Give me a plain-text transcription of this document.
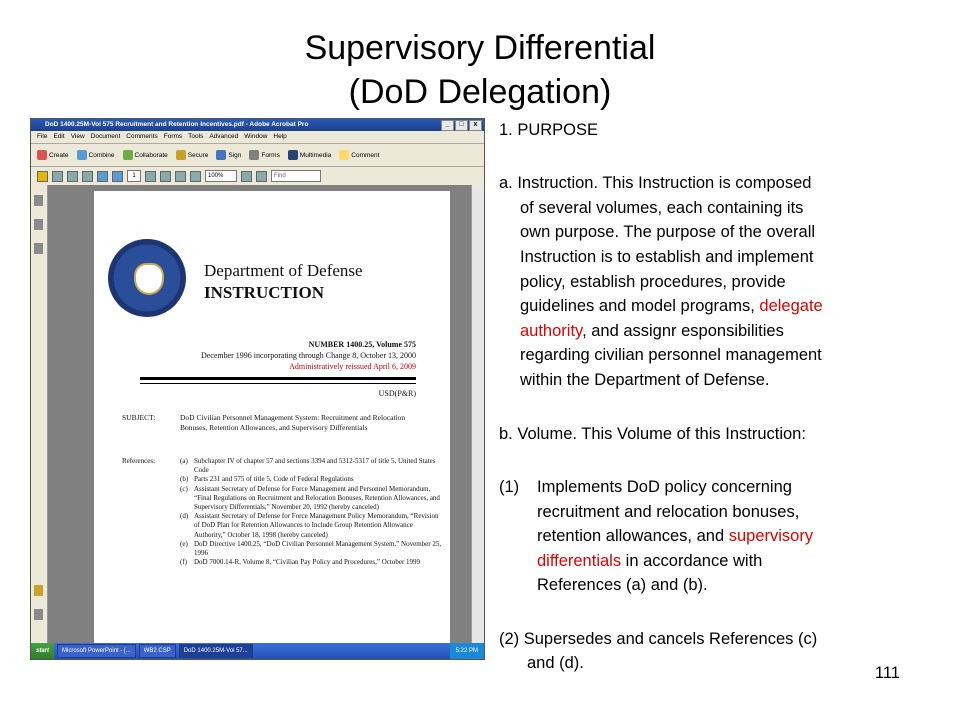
Supervisory Differential
(DoD Delegation)
DoD 1400.25M-Vol 575 Recruitment and Retention Incentives.pdf - Adobe Acrobat Pro	_	□	x
File Edit View Document Comments Forms Tools Advanced Window Help
Create	Combine	Collaborate	Secure	Sign	Forms	Multimedia	Comment
1	100%	Find
Department of Defense
INSTRUCTION
NUMBER 1400.25, Volume 575
December 1996 incorporating through Change 8, October 13, 2000
Administratively reissued April 6, 2009
USD(P&R)
SUBJECT:	DoD Civilian Personnel Management System: Recruitment and Relocation Bonuses, Retention Allowances, and Supervisory Differentials
References:	(a) Subchapter IV of chapter 57 and sections 3394 and 5312-5317 of title 5, United States Code
(b) Parts 231 and 575 of title 5, Code of Federal Regulations
(c) Assistant Secretary of Defense for Force Management and Personnel Memorandum, “Final Regulations on Recruitment and Relocation Bonuses, Retention Allowances, and Supervisory Differentials,” November 20, 1992 (hereby canceled)
(d) Assistant Secretary of Defense for Force Management Policy Memorandum, “Revision of DoD Plan for Retention Allowances to Include Group Retention Allowance Authority,” October 18, 1998 (hereby canceled)
(e) DoD Directive 1400.25, “DoD Civilian Personnel Management System,” November 25, 1996
(f) DoD 7000.14-R, Volume 8, “Civilian Pay Policy and Procedures,” October 1999
start	Microsoft PowerPoint - [...	WB2 CSP	DoD 1400.25M-Vol 57...	5:22 PM
1. PURPOSE
a. Instruction. This Instruction is composed
of several volumes, each containing its
own purpose. The purpose of the overall
Instruction is to establish and implement
policy, establish procedures, provide
guidelines and model programs, delegate
authority, and assignr esponsibilities
regarding civilian personnel management
within the Department of Defense.
b. Volume. This Volume of this Instruction:
(1) Implements DoD policy concerning
recruitment and relocation bonuses,
retention allowances, and supervisory
differentials in accordance with
References (a) and (b).
(2) Supersedes and cancels References (c)
and (d).
111
